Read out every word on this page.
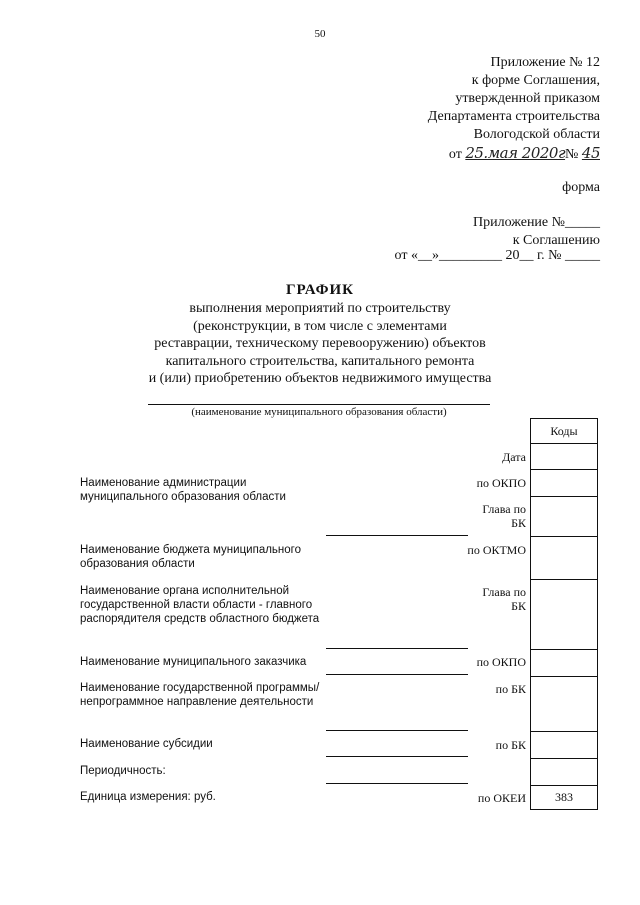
50
Приложение № 12
к форме Соглашения,
утвержденной приказом
Департамента строительства
Вологодской области
от 25.мая 2020г№ 45
форма
Приложение №_____
к Соглашению
от «__»_________ 20__ г. № _____
ГРАФИК
выполнения мероприятий по строительству
(реконструкции, в том числе с элементами
реставрации, техническому перевооружению) объектов
капитального строительства, капитального ремонта
и (или) приобретению объектов недвижимого имущества
(наименование муниципального образования области)
Наименование администрации муниципального образования области
Наименование бюджета муниципального образования области
Наименование органа исполнительной государственной власти области - главного распорядителя средств областного бюджета
Наименование муниципального заказчика
Наименование государственной программы/непрограммное направление деятельности
Наименование субсидии
Периодичность:
Единица измерения: руб.
Дата
по ОКПО
Глава по БК
по ОКТМО
Глава по БК
по ОКПО
по БК
по БК
по ОКЕИ
Коды
383
